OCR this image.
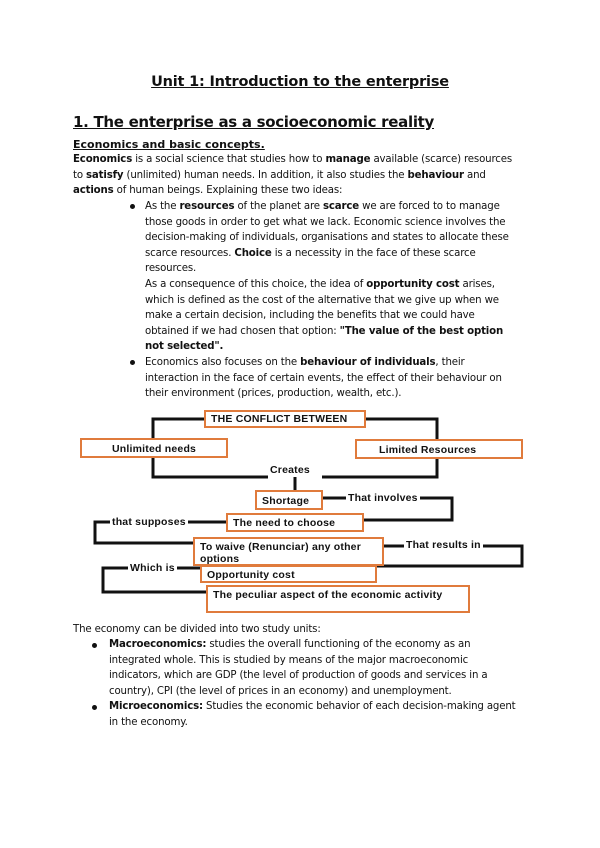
Unit 1: Introduction to the enterprise
1. The enterprise as a socioeconomic reality
Economics and basic concepts.
Economics is a social science that studies how to manage available (scarce) resources
to satisfy (unlimited) human needs. In addition, it also studies the behaviour and
actions of human beings. Explaining these two ideas:
As the resources of the planet are scarce we are forced to to manage
those goods in order to get what we lack. Economic science involves the
decision-making of individuals, organisations and states to allocate these
scarce resources. Choice is a necessity in the face of these scarce
resources.
As a consequence of this choice, the idea of opportunity cost arises,
which is defined as the cost of the alternative that we give up when we
make a certain decision, including the benefits that we could have
obtained if we had chosen that option: "The value of the best option
not selected".
Economics also focuses on the behaviour of individuals, their
interaction in the face of certain events, the effect of their behaviour on
their environment (prices, production, wealth, etc.).
THE CONFLICT BETWEEN
Unlimited needs	Limited Resources
Creates
Shortage	That involves
that supposes	The need to choose
To waive (Renunciar) any other options
That results in
Which is
Opportunity cost
The peculiar aspect of the economic activity
The economy can be divided into two study units:
Macroeconomics: studies the overall functioning of the economy as an
integrated whole. This is studied by means of the major macroeconomic
indicators, which are GDP (the level of production of goods and services in a
country), CPI (the level of prices in an economy) and unemployment.
Microeconomics: Studies the economic behavior of each decision-making agent
in the economy.
